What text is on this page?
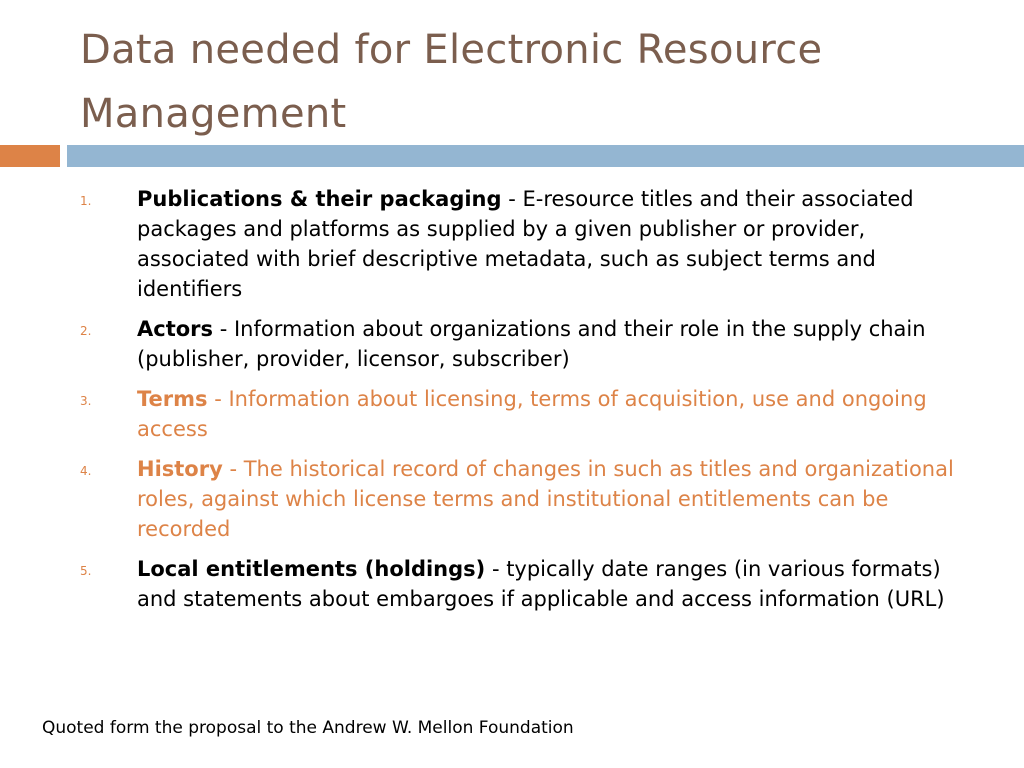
Data needed for Electronic Resource Management
1. Publications & their packaging - E-resource titles and their associated packages and platforms as supplied by a given publisher or provider, associated with brief descriptive metadata, such as subject terms and identifiers
2. Actors - Information about organizations and their role in the supply chain (publisher, provider, licensor, subscriber)
3. Terms - Information about licensing, terms of acquisition, use and ongoing access
4. History - The historical record of changes in such as titles and organizational roles, against which license terms and institutional entitlements can be recorded
5. Local entitlements (holdings) - typically date ranges (in various formats) and statements about embargoes if applicable and access information (URL)
Quoted form the proposal to the Andrew W. Mellon Foundation
